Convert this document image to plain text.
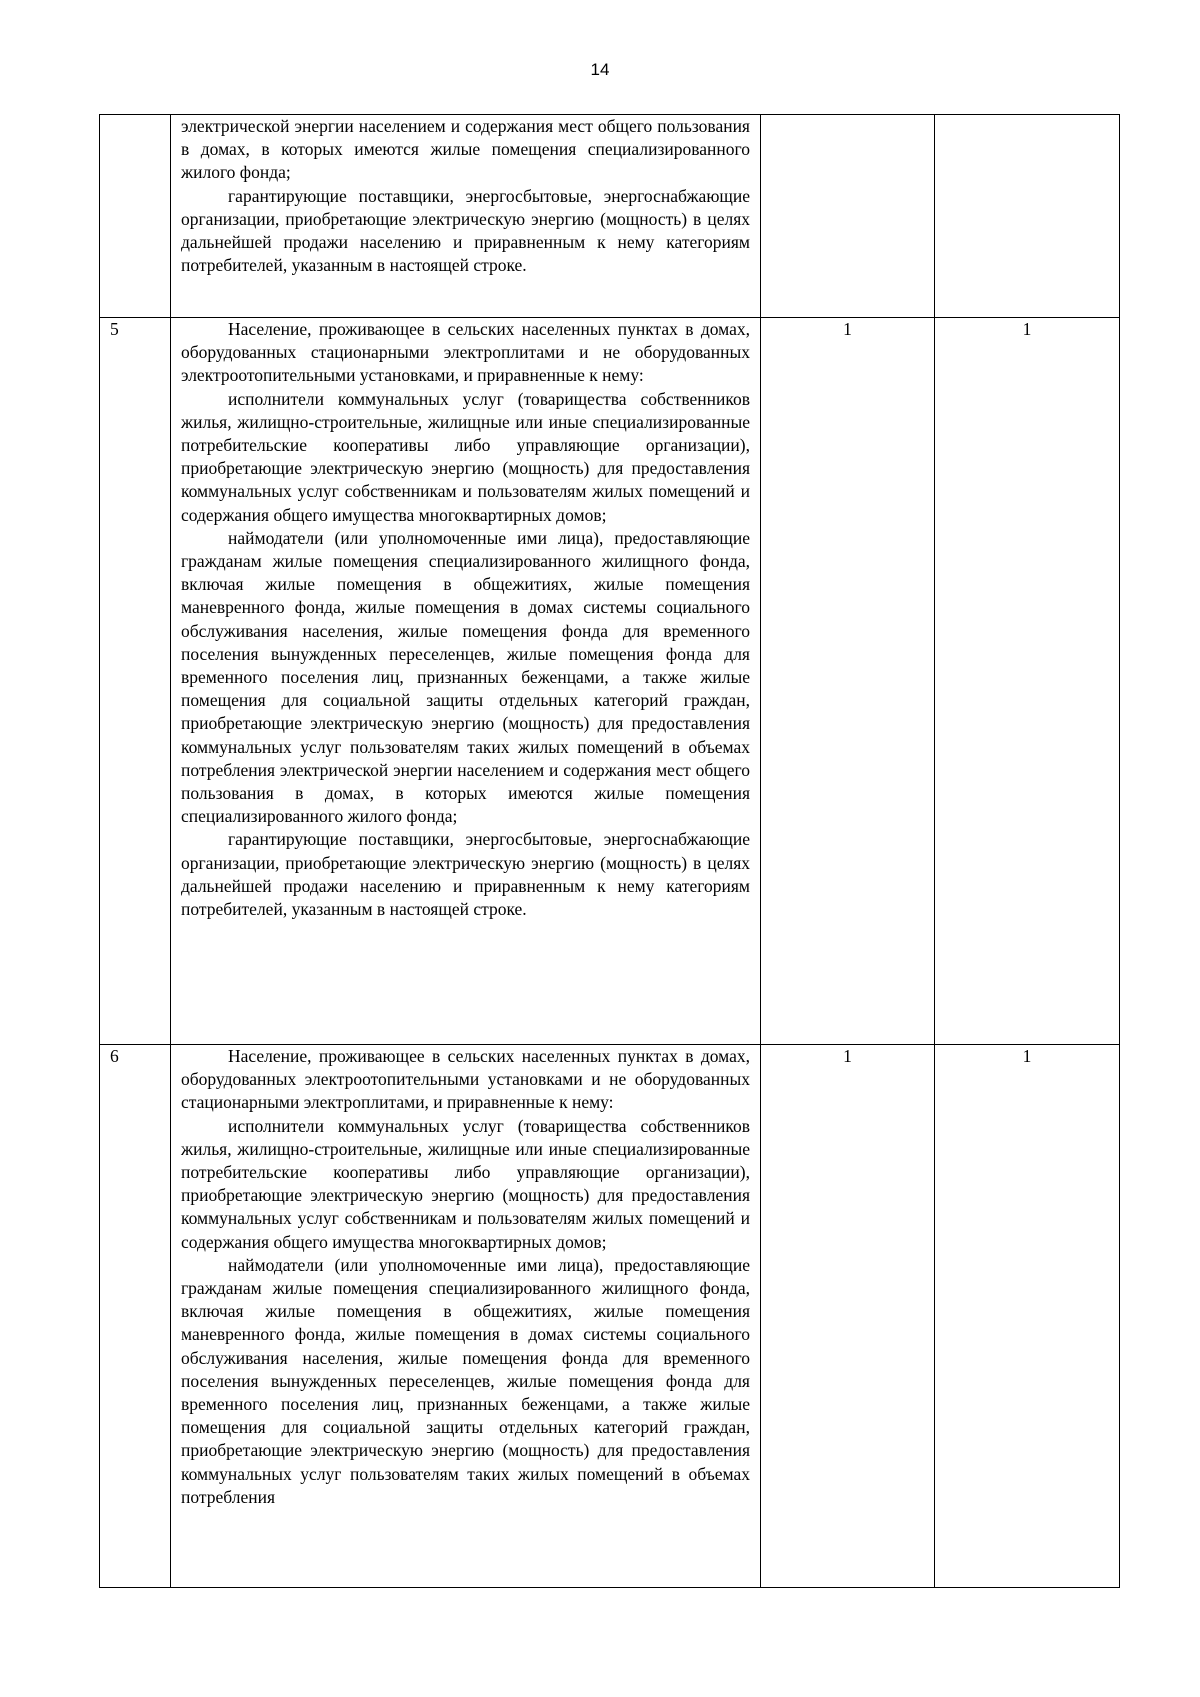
14

	электрической энергии населением и содержания мест общего пользования в домах, в которых имеются жилые помещения специализированного жилого фонда;

гарантирующие поставщики, энергосбытовые, энергоснабжающие организации, приобретающие электрическую энергию (мощность) в целях дальнейшей продажи населению и приравненным к нему категориям потребителей, указанным в настоящей строке.		

5	Население, проживающее в сельских населенных пунктах в домах, оборудованных стационарными электроплитами и не оборудованных электроотопительными установками, и приравненные к нему:

исполнители коммунальных услуг (товарищества собственников жилья, жилищно-строительные, жилищные или иные специализированные потребительские кооперативы либо управляющие организации), приобретающие электрическую энергию (мощность) для предоставления коммунальных услуг собственникам и пользователям жилых помещений и содержания общего имущества многоквартирных домов;

наймодатели (или уполномоченные ими лица), предоставляющие гражданам жилые помещения специализированного жилищного фонда, включая жилые помещения в общежитиях, жилые помещения маневренного фонда, жилые помещения в домах системы социального обслуживания населения, жилые помещения фонда для временного поселения вынужденных переселенцев, жилые помещения фонда для временного поселения лиц, признанных беженцами, а также жилые помещения для социальной защиты отдельных категорий граждан, приобретающие электрическую энергию (мощность) для предоставления коммунальных услуг пользователям таких жилых помещений в объемах потребления электрической энергии населением и содержания мест общего пользования в домах, в которых имеются жилые помещения специализированного жилого фонда;

гарантирующие поставщики, энергосбытовые, энергоснабжающие организации, приобретающие электрическую энергию (мощность) в целях дальнейшей продажи населению и приравненным к нему категориям потребителей, указанным в настоящей строке.	1	1
6	Население, проживающее в сельских населенных пунктах в домах, оборудованных электроотопительными установками и не оборудованных стационарными электроплитами, и приравненные к нему:

исполнители коммунальных услуг (товарищества собственников жилья, жилищно-строительные, жилищные или иные специализированные потребительские кооперативы либо управляющие организации), приобретающие электрическую энергию (мощность) для предоставления коммунальных услуг собственникам и пользователям жилых помещений и содержания общего имущества многоквартирных домов;

наймодатели (или уполномоченные ими лица), предоставляющие гражданам жилые помещения специализированного жилищного фонда, включая жилые помещения в общежитиях, жилые помещения маневренного фонда, жилые помещения в домах системы социального обслуживания населения, жилые помещения фонда для временного поселения вынужденных переселенцев, жилые помещения фонда для временного поселения лиц, признанных беженцами, а также жилые помещения для социальной защиты отдельных категорий граждан, приобретающие электрическую энергию (мощность) для предоставления коммунальных услуг пользователям таких жилых помещений в объемах потребления	1	1
